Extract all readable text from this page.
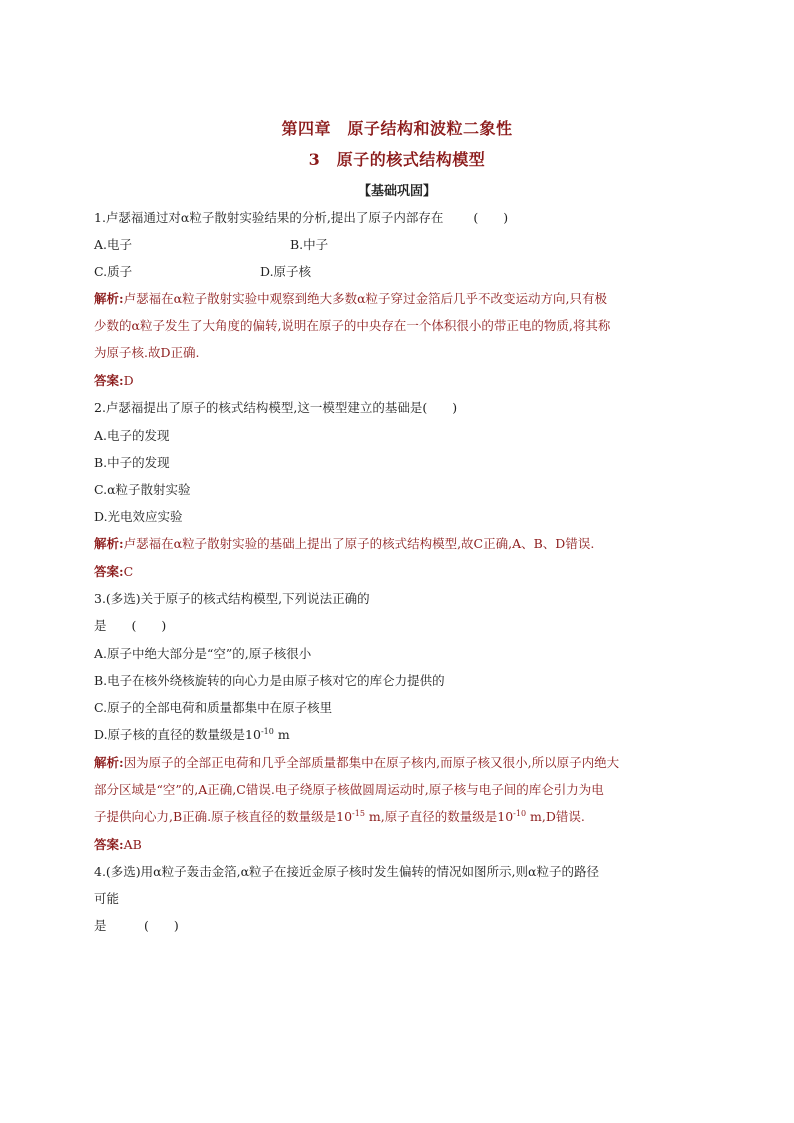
第四章　原子结构和波粒二象性
3　原子的核式结构模型
【基础巩固】
1.卢瑟福通过对α粒子散射实验结果的分析,提出了原子内部存在 (　　)
A.电子	B.中子
C.质子	D.原子核
解析:卢瑟福在α粒子散射实验中观察到绝大多数α粒子穿过金箔后几乎不改变运动方向,只有极
少数的α粒子发生了大角度的偏转,说明在原子的中央存在一个体积很小的带正电的物质,将其称
为原子核.故D正确.
答案:D
2.卢瑟福提出了原子的核式结构模型,这一模型建立的基础是(　　)
A.电子的发现
B.中子的发现
C.α粒子散射实验
D.光电效应实验
解析:卢瑟福在α粒子散射实验的基础上提出了原子的核式结构模型,故C正确,A、B、D错误.
答案:C
3.(多选)关于原子的核式结构模型,下列说法正确的
是　　(　　)
A.原子中绝大部分是“空”的,原子核很小
B.电子在核外绕核旋转的向心力是由原子核对它的库仑力提供的
C.原子的全部电荷和质量都集中在原子核里
D.原子核的直径的数量级是$10^{-10}$ m
解析:因为原子的全部正电荷和几乎全部质量都集中在原子核内,而原子核又很小,所以原子内绝大
部分区域是“空”的,A正确,C错误.电子绕原子核做圆周运动时,原子核与电子间的库仑引力为电
子提供向心力,B正确.原子核直径的数量级是$10^{-15}$ m,原子直径的数量级是$10^{-10}$ m,D错误.
答案:AB
4.(多选)用α粒子轰击金箔,α粒子在接近金原子核时发生偏转的情况如图所示,则α粒子的路径
可能
是　　　(　　)
